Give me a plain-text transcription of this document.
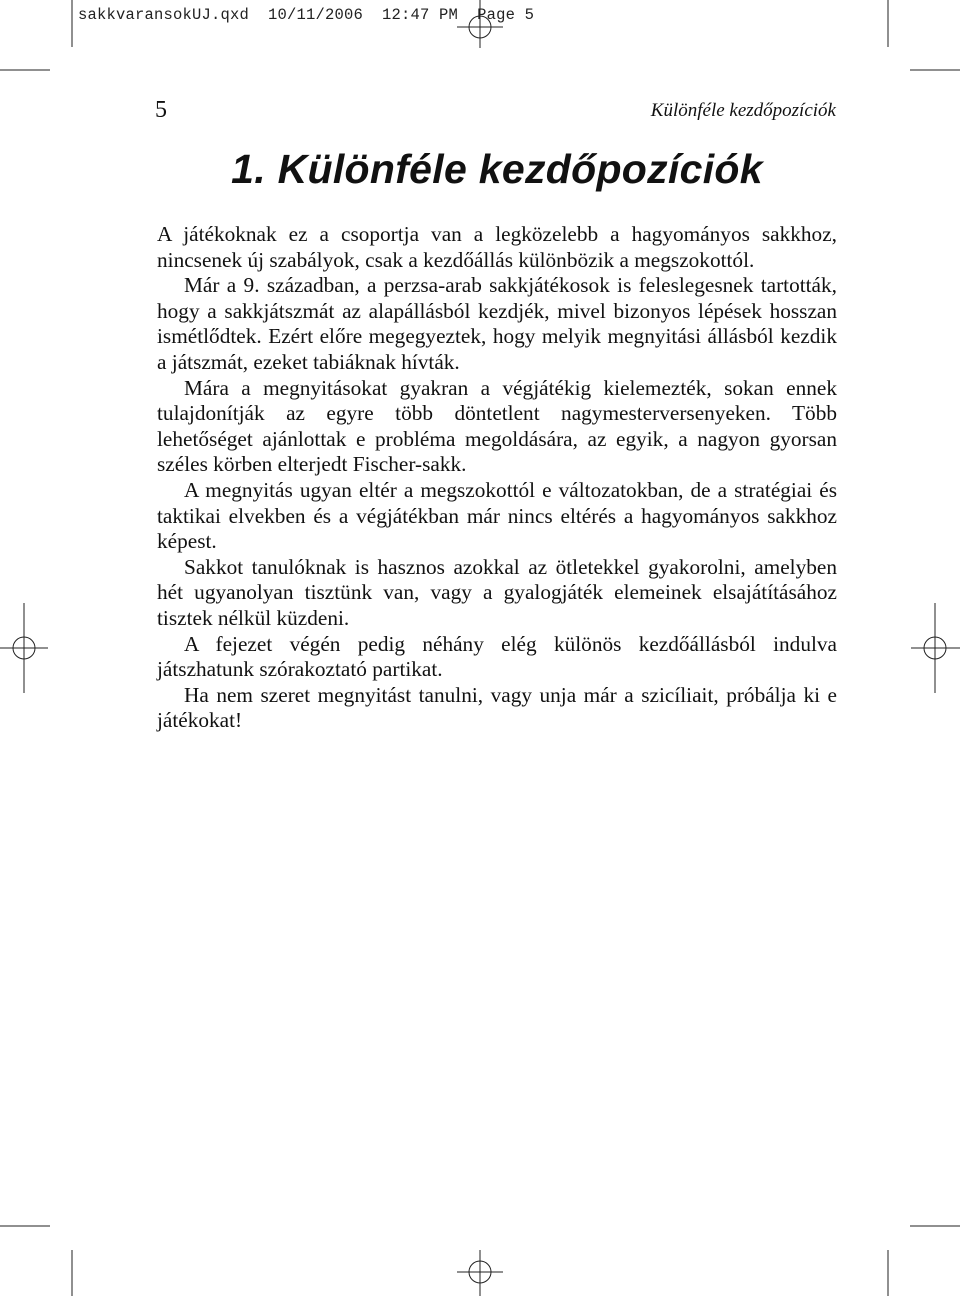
sakkvaransokUJ.qxd  10/11/2006  12:47 PM  Page 5
5	Különféle kezdőpozíciók
1. Különféle kezdőpozíciók

A játékoknak ez a csoportja van a legközelebb a hagyományos sakkhoz, nincsenek új szabályok, csak a kezdőállás különbözik a megszokottól.

Már a 9. században, a perzsa-arab sakkjátékosok is feleslegesnek tartották, hogy a sakkjátszmát az alapállásból kezdjék, mivel bizonyos lépések hosszan ismétlődtek. Ezért előre megegyeztek, hogy melyik megnyitási állásból kezdik a játszmát, ezeket tabiáknak hívták.

Mára a megnyitásokat gyakran a végjátékig kielemezték, sokan ennek tulajdonítják az egyre több döntetlent nagymesterversenyeken. Több lehetőséget ajánlottak e probléma megoldására, az egyik, a nagyon gyorsan széles körben elterjedt Fischer-sakk.

A megnyitás ugyan eltér a megszokottól e változatokban, de a stratégiai és taktikai elvekben és a végjátékban már nincs eltérés a hagyományos sakkhoz képest.

Sakkot tanulóknak is hasznos azokkal az ötletekkel gyakorolni, amelyben hét ugyanolyan tisztünk van, vagy a gyalogjáték elemeinek elsajátításához tisztek nélkül küzdeni.

A fejezet végén pedig néhány elég különös kezdőállásból indulva játszhatunk szórakoztató partikat.

Ha nem szeret megnyitást tanulni, vagy unja már a szicíliait, próbálja ki e játékokat!
